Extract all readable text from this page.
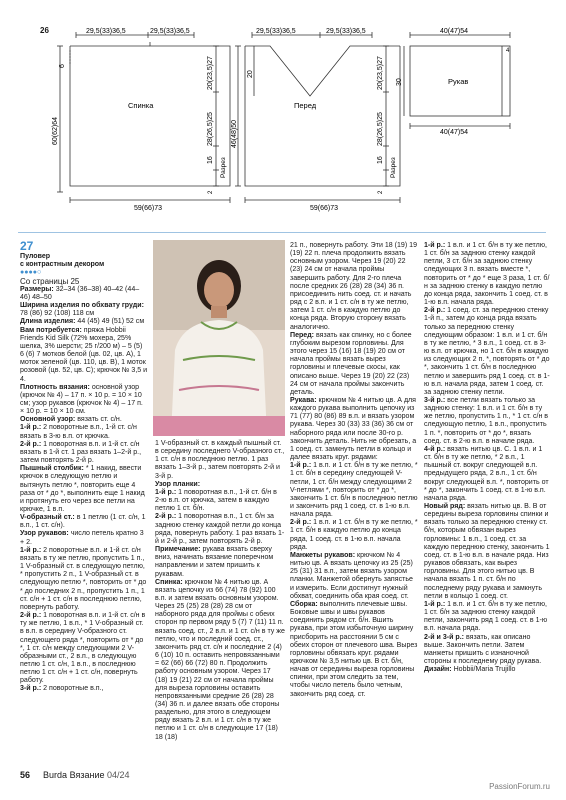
26	29,5(33)36,5	29,5(33)36,5
6
60(62)64
20(23,5)27
28(26,5)25
16 Разрез
2
59(66)73
Спинка
29,5(33)36,5	29,5(33)36,5
20
46(48)50
20(23,5)27
28(26,5)25
16 Разрез
2
59(66)73
Перед
40(47)54
40(47)54
30
4
Рукав

27

Пуловер

с контрастным декором

●●●●○

Со страницы 25

Размеры: 32–34 (36–38) 40–42 (44–46) 48–50

Ширина изделия по обхвату груди: 78 (86) 92 (108) 118 см

Длина изделия: 44 (45) 49 (51) 52 см

Вам потребуется: пряжа Hobbii Friends Kid Silk (72% мохера, 25% шелка, 3% шерсти; 25 г/200 м) – 5 (5) 6 (6) 7 мотков белой (цв. 02, цв. А), 1 моток зеленой (цв. 110, цв. В), 1 моток розовой (цв. 52, цв. С); крючок № 3,5 и 4.

Плотность вязания: основной узор (крючок № 4) – 17 п. × 10 р. = 10 × 10 см; узор рукавов (крючок № 4) – 17 п. × 10 р. = 10 × 10 см.

Основной узор: вязать ст. с/н.

1-й р.: 2 поворотные в.п., 1-й ст. с/н вязать в 3-ю в.п. от крючка.

2-й р.: 1 поворотная в.п. и 1-й ст. с/н вязать в 1-й ст. 1 раз вязать 1–2-й р., затем повторять 2-й р.

Пышный столбик: * 1 накид, ввести крючок в следующую петлю и вытянуть петлю *, повторить еще 4 раза от * до *, выполнить еще 1 накид и протянуть его через все петли на крючке, 1 в.п.

V-образный ст.: в 1 петлю (1 ст. с/н, 1 в.п., 1 ст. с/н).

Узор рукавов: число петель кратно 3 + 2.

1-й р.: 2 поворотные в.п. и 1-й ст. с/н вязать в ту же петлю, пропустить 1 п., 1 V-образный ст. в следующую петлю, * пропустить 2 п., 1 V-образный ст. в следующую петлю *, повторить от * до * до последних 2 п., пропустить 1 п., 1 ст. с/н + 1 ст. с/н в последнюю петлю, повернуть работу.

2-й р.: 1 поворотная в.п. и 1-й ст. с/н в ту же петлю, 1 в.п., * 1 V-образный ст. в в.п. в середину V-образного ст. следующего ряда *, повторить от * до *, 1 ст. с/н между следующими 2 V-образными ст., 2 в.п., в следующую петлю 1 ст. с/н, 1 в.п., в последнюю петлю 1 ст. с/н + 1 ст. с/н, повернуть работу.

3-й р.: 2 поворотные в.п.,

1 V-образный ст. в каждый пышный ст. в середину последнего V-образного ст., 1 ст. с/н в последнюю петлю. 1 раз вязать 1–3-й р., затем повторять 2-й и 3-й р.

Узор планки:

1-й р.: 1 поворотная в.п., 1-й ст. б/н в 2-ю в.п. от крючка, затем в каждую петлю 1 ст. б/н.

2-й р.: 1 поворотная в.п., 1 ст. б/н за заднюю стенку каждой петли до конца ряда, повернуть работу. 1 раз вязать 1-й и 2-й р., затем повторять 2-й р.

Примечание: рукава вязать сверху вниз, начинать вязание поперечном направлении и затем пришить к рукавам.

Спинка: крючком № 4 нитью цв. А вязать цепочку из 66 (74) 78 (92) 100 в.п. и затем вязать основным узором. Через 25 (25) 28 (28) 28 см от наборного ряда для проймы с обеих сторон пр первом ряду 5 (7) 7 (11) 11 п. вязать соед. ст., 2 в.п. и 1 ст. с/н в ту же петлю, что и последний соед. ст., закончить ряд ст. с/н и последние 2 (4) 6 (10) 10 п. оставить непровязанными = 62 (66) 66 (72) 80 п. Продолжить работу основным узором. Через 17 (18) 19 (21) 22 см от начала проймы для выреза горловины оставить непровязанными средние 26 (28) 28 (34) 36 п. и далее вязать обе стороны раздельно, для этого в следующем ряду вязать 2 в.п. и 1 ст. с/н в ту же петлю и 1 ст. с/н в следующие 17 (18) 18 (18)

21 п., повернуть работу. Эти 18 (19) 19 (19) 22 п. плеча продолжить вязать основным узором. Через 19 (20) 22 (23) 24 см от начала проймы завершить работу. Для 2-го плеча после средних 26 (28) 28 (34) 36 п. присоединить нить соед. ст. и начать ряд с 2 в.п. и 1 ст. с/н в ту же петлю, затем 1 ст. с/н в каждую петлю до конца ряда. Вторую сторону вязать аналогично.

Перед: вязать как спинку, но с более глубоким вырезом горловины. Для этого через 15 (16) 18 (19) 20 см от начала проймы вязать вырез горловины и плечевые скосы, как описано выше. Через 19 (20) 22 (23) 24 см от начала проймы закончить деталь.

Рукава: крючком № 4 нитью цв. А для каждого рукава выполнить цепочку из 71 (77) 80 (86) 89 в.п. и вязать узором рукава. Через 30 (33) 33 (36) 36 см от наборного ряда или после 30-го р. закончить деталь. Нить не обрезать, а 1 соед. ст. замкнуть петли в кольцо и далее вязать круг. рядами:

1-й р.: 1 в.п. и 1 ст. б/н в ту же петлю, * 1 ст. б/н в середину следующей V-петли, 1 ст. б/н между следующими 2 V-петлями *, повторить от * до *, закончить 1 ст. б/н в последнюю петлю и закончить ряд 1 соед. ст. в 1-ю в.п. начала ряда.

2-й р.: 1 в.п. и 1 ст. б/н в ту же петлю, * 1 ст. б/н в каждую петлю до конца ряда, 1 соед. ст. в 1-ю в.п. начала ряда.

Манжеты рукавов: крючком № 4 нитью цв. А вязать цепочку из 25 (25) 25 (31) 31 в.п., затем вязать узором планки. Манжетой обернуть запястье и измерить. Если достигнут нужный обхват, соединить оба края соед. ст.

Сборка: выполнить плечевые швы. Боковые швы и швы рукавов соединить рядом ст. б/н. Вшить рукава, при этом избыточную ширину присборить на расстоянии 5 см с обеих сторон от плечевого шва. Вырез горловины обвязать круг. рядами крючком № 3,5 нитью цв. В ст. б/н, начав от середины выреза горловины спинки, при этом следить за тем, чтобы число петель было четным, закончить ряд соед. ст.

1-й р.: 1 в.п. и 1 ст. б/н в ту же петлю, 1 ст. б/н за заднюю стенку каждой петли, 3 ст. б/н за заднюю стенку следующих 3 п. вязать вместе *, повторить от * до * еще 3 раза, 1 ст. б/н за заднюю стенку в каждую петлю до конца ряда, закончить 1 соед. ст. в 1-ю в.п. начала ряда.

2-й р.: 1 соед. ст. за переднюю стенку 1-й п., затем до конца ряда вязать только за переднюю стенку следующим образом: 1 в.п. и 1 ст. б/н в ту же петлю, * 3 в.п., 1 соед. ст. в 3-ю в.п. от крючка, но 1 ст. б/н в каждую из следующих 2 п. *, повторять от * до *, закончить 1 ст. б/н в последнюю петлю и завершить ряд 1 соед. ст. в 1-ю в.п. начала ряда, затем 1 соед. ст. за заднюю стенку петли.

3-й р.: все петли вязать только за заднюю стенку: 1 в.п. и 1 ст. б/н в ту же петлю, пропустить 1 п., * 1 ст. с/н в следующую петлю, 1 в.п., пропустить 1 п. *, повторить от * до *, вязать соед. ст. в 2-ю в.п. в начале ряда.

4-й р.: вязать нитью цв. С. 1 в.п. и 1 ст. б/н в ту же петлю, * 2 в.п., 1 пышный ст. вокруг следующей в.п. предыдущего ряда, 2 в.п., 1 ст. б/н вокруг следующей в.п. *, повторить от * до *, закончить 1 соед. ст. в 1-ю в.п. начала ряда.

Новый ряд: вязать нитью цв. В. В от середины выреза горловины спинки и вязать только за переднюю стенку ст. б/н, которым обвязан вырез горловины: 1 в.п., 1 соед. ст. за каждую переднюю стенку, закончить 1 соед. ст. в 1-ю в.п. в начале ряда. Низ рукавов обвязать, как вырез горловины. Для этого нитью цв. В начала вязать 1 п. ст. б/н по последнему ряду рукава и замкнуть петли в кольцо 1 соед. ст.

1-й р.: 1 в.п. и 1 ст. б/н в ту же петлю, 1 ст. б/н за заднюю стенку каждой петли, закончить ряд 1 соед. ст. в 1-ю в.п. начала ряда.

2-й и 3-й р.: вязать, как описано выше. Закончить петли. Затем манжеты пришить с изнаночной стороны к последнему ряду рукава.

Дизайн: Hobbii/Maria Trujillo

56 Burda Вязание 04/24
PassionForum.ru
